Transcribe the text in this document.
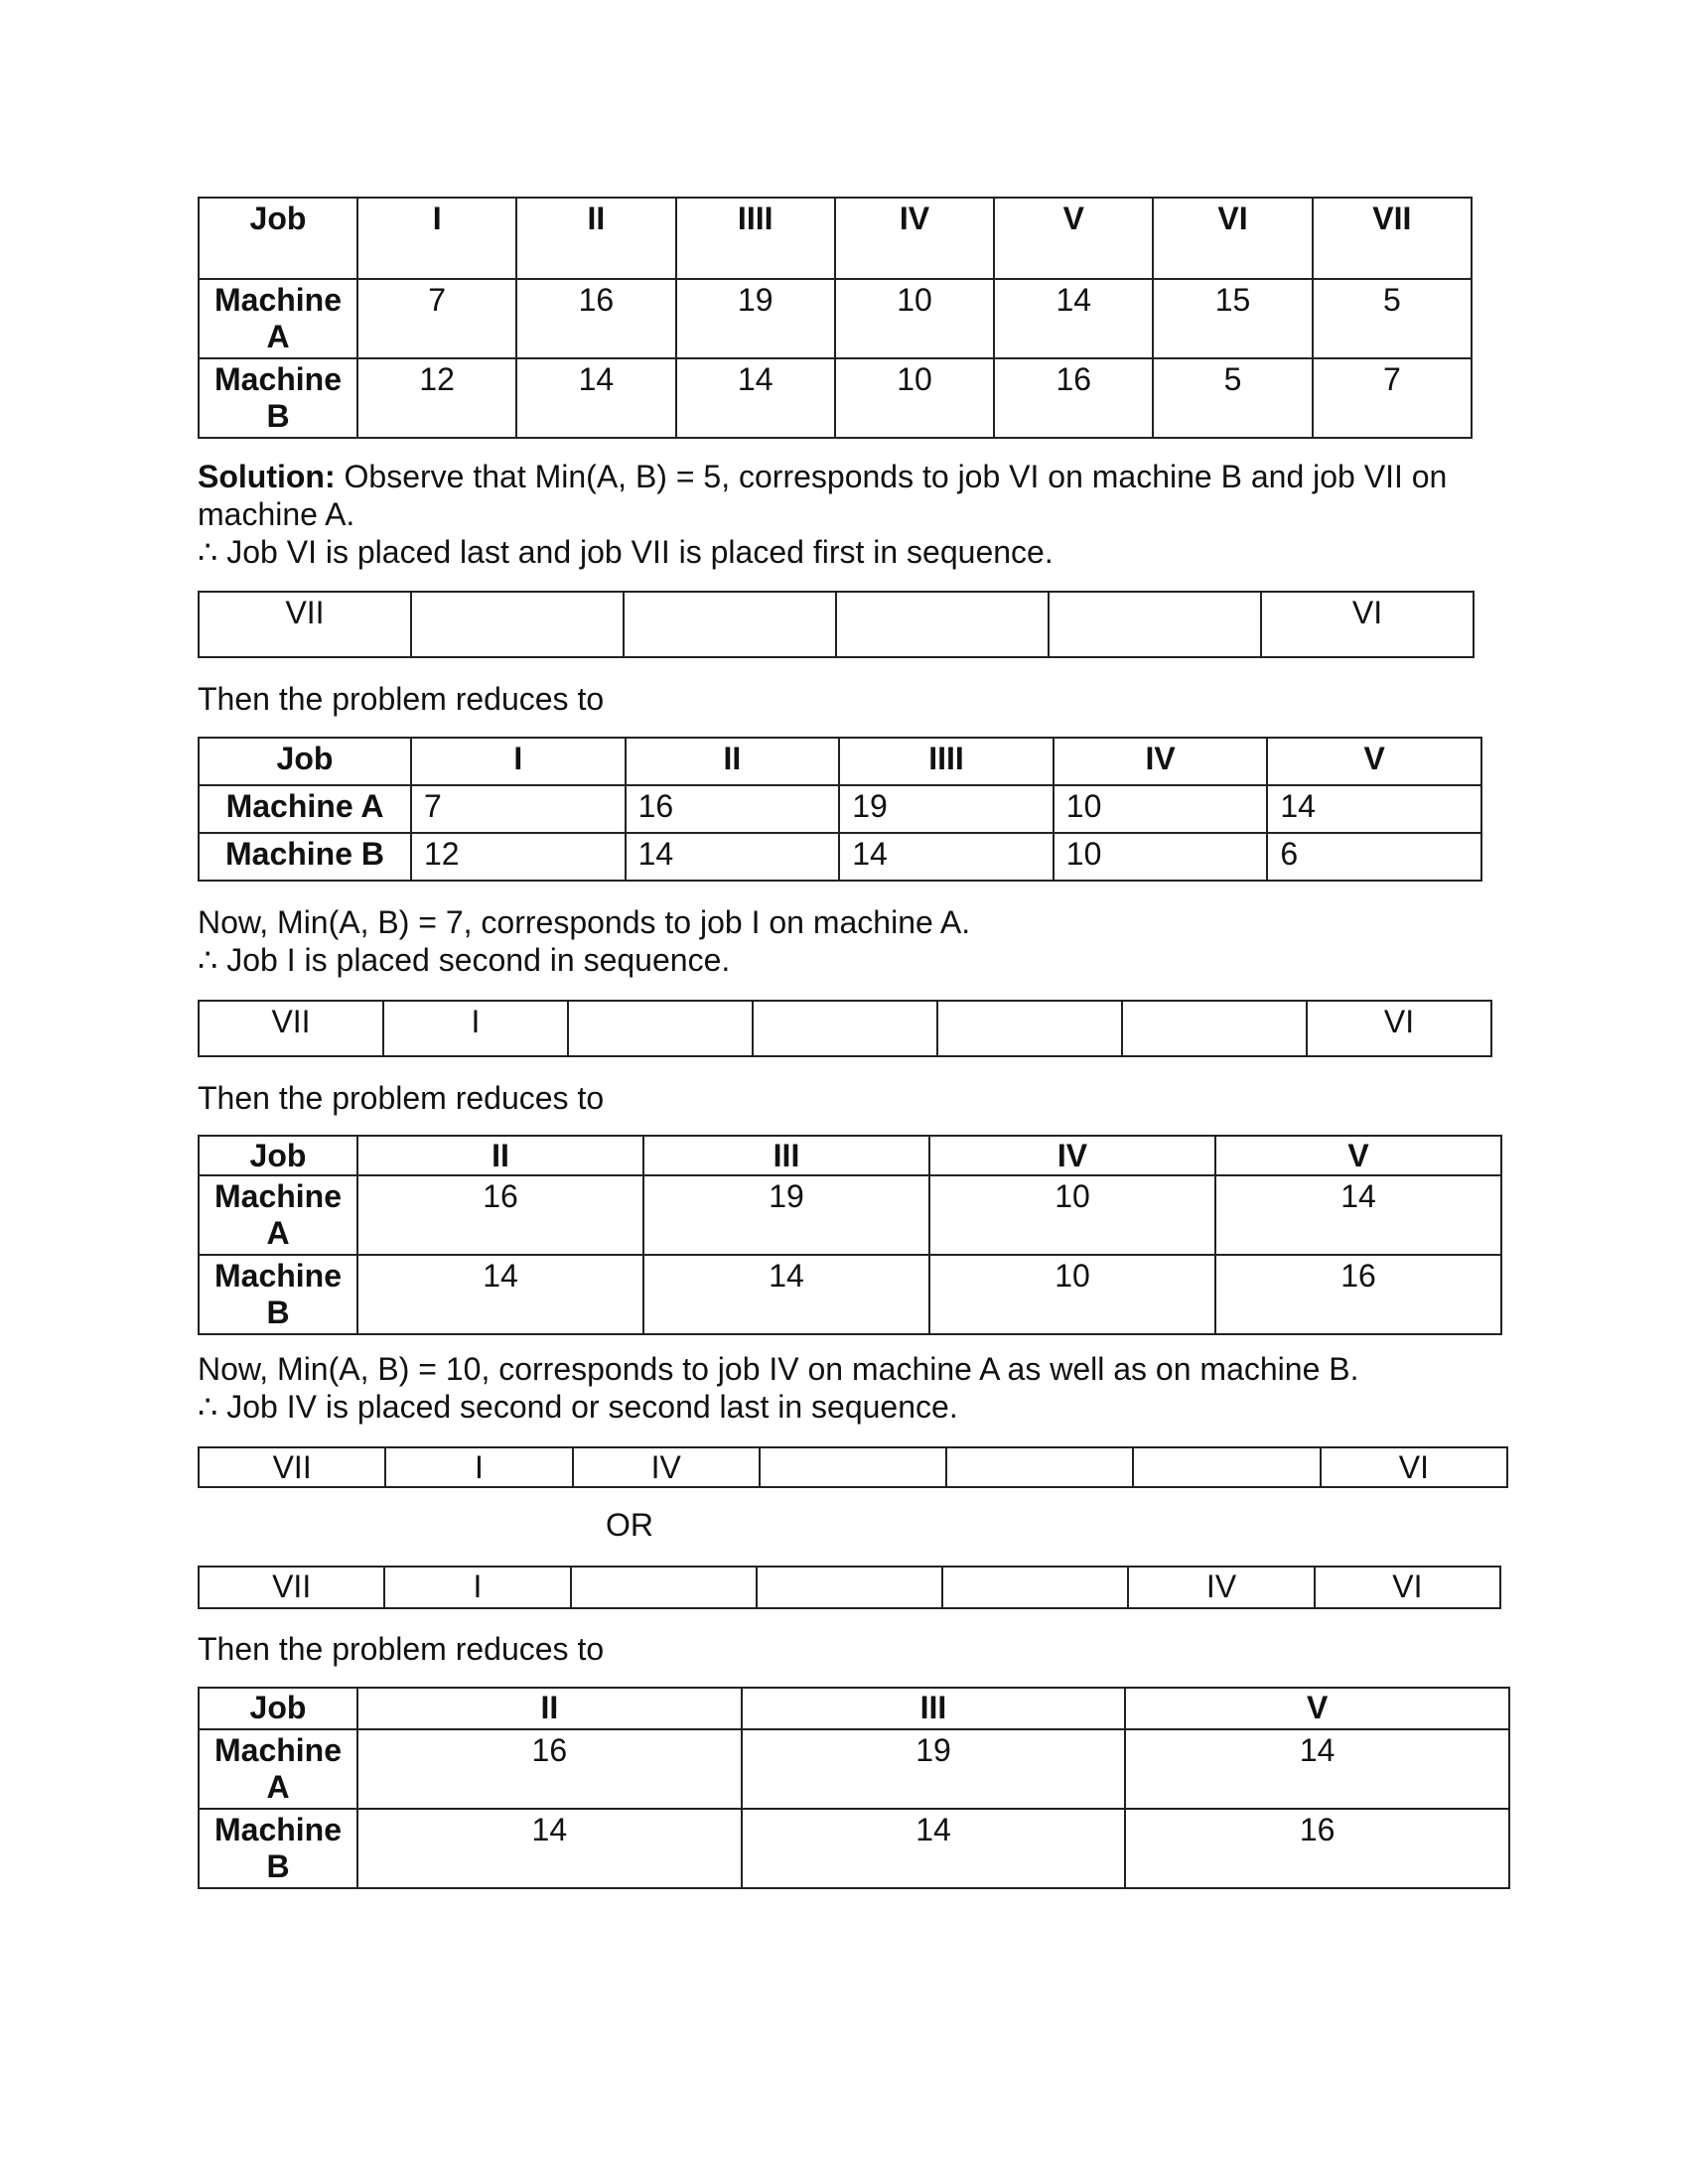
Job	I	II	IIII	IV	V	VI	VII
Machine A	7	16	19	10	14	15	5
Machine B	12	14	14	10	16	5	7
Solution: Observe that Min(A, B) = 5, corresponds to job VI on machine B and job VII on machine A.
∴ Job VI is placed last and job VII is placed first in sequence.
VII					VI
Then the problem reduces to
Job	I	II	IIII	IV	V
Machine A	7	16	19	10	14
Machine B	12	14	14	10	6
Now, Min(A, B) = 7, corresponds to job I on machine A.
∴ Job I is placed second in sequence.
VII	I					VI
Then the problem reduces to
Job	II	III	IV	V
Machine A	16	19	10	14
Machine B	14	14	10	16
Now, Min(A, B) = 10, corresponds to job IV on machine A as well as on machine B.
∴ Job IV is placed second or second last in sequence.
VII	I	IV				VI
OR
VII	I				IV	VI
Then the problem reduces to
Job	II	III	V
Machine A	16	19	14
Machine B	14	14	16
